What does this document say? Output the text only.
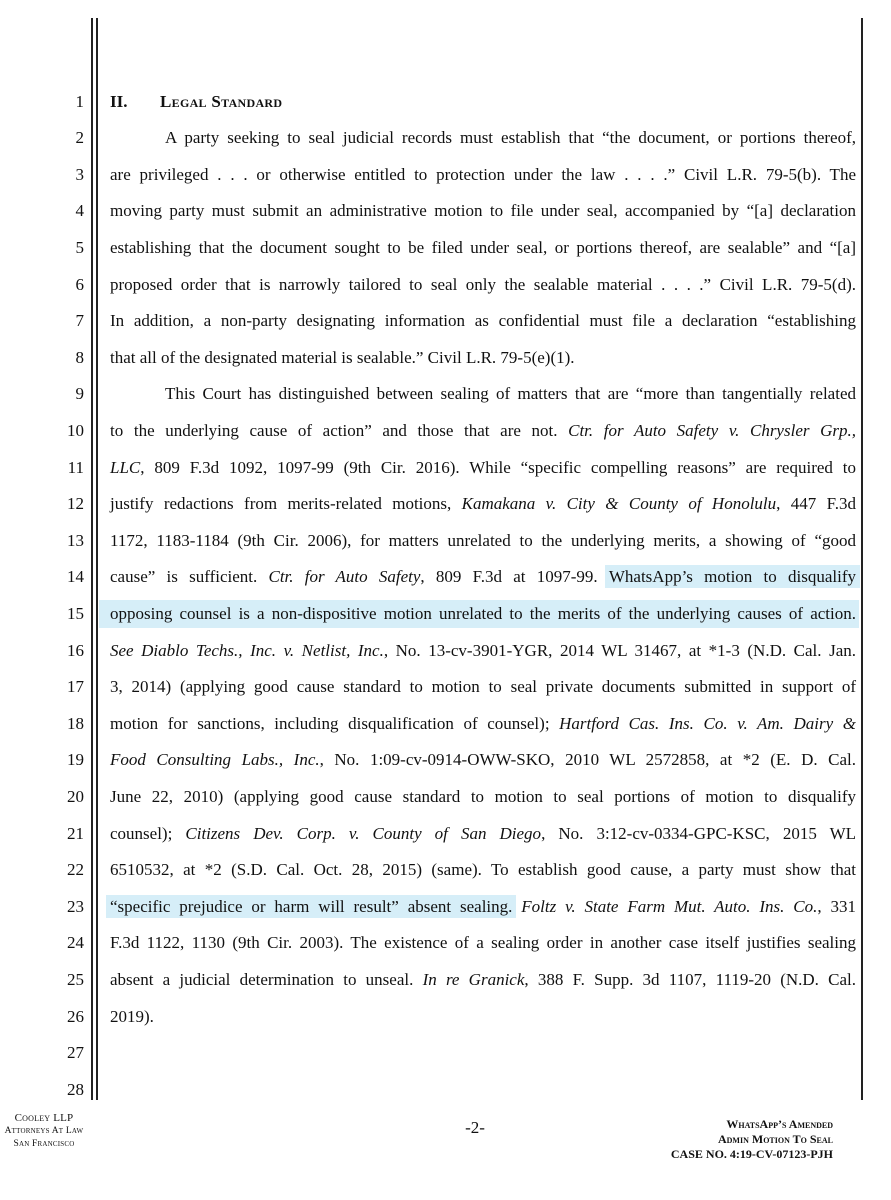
1
2
3
4
5
6
7
8
9
10
11
12
13
14
15
16
17
18
19
20
21
22
23
24
25
26
27
28
II. Legal Standard
A party seeking to seal judicial records must establish that “the document, or portions thereof,
are privileged . . . or otherwise entitled to protection under the law . . . .” Civil L.R. 79-5(b). The
moving party must submit an administrative motion to file under seal, accompanied by “[a] declaration
establishing that the document sought to be filed under seal, or portions thereof, are sealable” and “[a]
proposed order that is narrowly tailored to seal only the sealable material . . . .” Civil L.R. 79-5(d).
In addition, a non-party designating information as confidential must file a declaration “establishing
that all of the designated material is sealable.” Civil L.R. 79-5(e)(1).
This Court has distinguished between sealing of matters that are “more than tangentially related
to the underlying cause of action” and those that are not. Ctr. for Auto Safety v. Chrysler Grp.,
LLC, 809 F.3d 1092, 1097-99 (9th Cir. 2016). While “specific compelling reasons” are required to
justify redactions from merits-related motions, Kamakana v. City & County of Honolulu, 447 F.3d
1172, 1183-1184 (9th Cir. 2006), for matters unrelated to the underlying merits, a showing of “good
cause” is sufficient. Ctr. for Auto Safety, 809 F.3d at 1097-99. WhatsApp’s motion to disqualify
opposing counsel is a non-dispositive motion unrelated to the merits of the underlying causes of action.
See Diablo Techs., Inc. v. Netlist, Inc., No. 13-cv-3901-YGR, 2014 WL 31467, at *1-3 (N.D. Cal. Jan.
3, 2014) (applying good cause standard to motion to seal private documents submitted in support of
motion for sanctions, including disqualification of counsel); Hartford Cas. Ins. Co. v. Am. Dairy &
Food Consulting Labs., Inc., No. 1:09-cv-0914-OWW-SKO, 2010 WL 2572858, at *2 (E. D. Cal.
June 22, 2010) (applying good cause standard to motion to seal portions of motion to disqualify
counsel); Citizens Dev. Corp. v. County of San Diego, No. 3:12-cv-0334-GPC-KSC, 2015 WL
6510532, at *2 (S.D. Cal. Oct. 28, 2015) (same). To establish good cause, a party must show that
“specific prejudice or harm will result” absent sealing. Foltz v. State Farm Mut. Auto. Ins. Co., 331
F.3d 1122, 1130 (9th Cir. 2003). The existence of a sealing order in another case itself justifies sealing
absent a judicial determination to unseal. In re Granick, 388 F. Supp. 3d 1107, 1119-20 (N.D. Cal.
2019).
Cooley LLP
Attorneys At Law
San Francisco
-2-	WhatsApp’s Amended
Admin Motion To Seal
CASE NO. 4:19-CV-07123-PJH
